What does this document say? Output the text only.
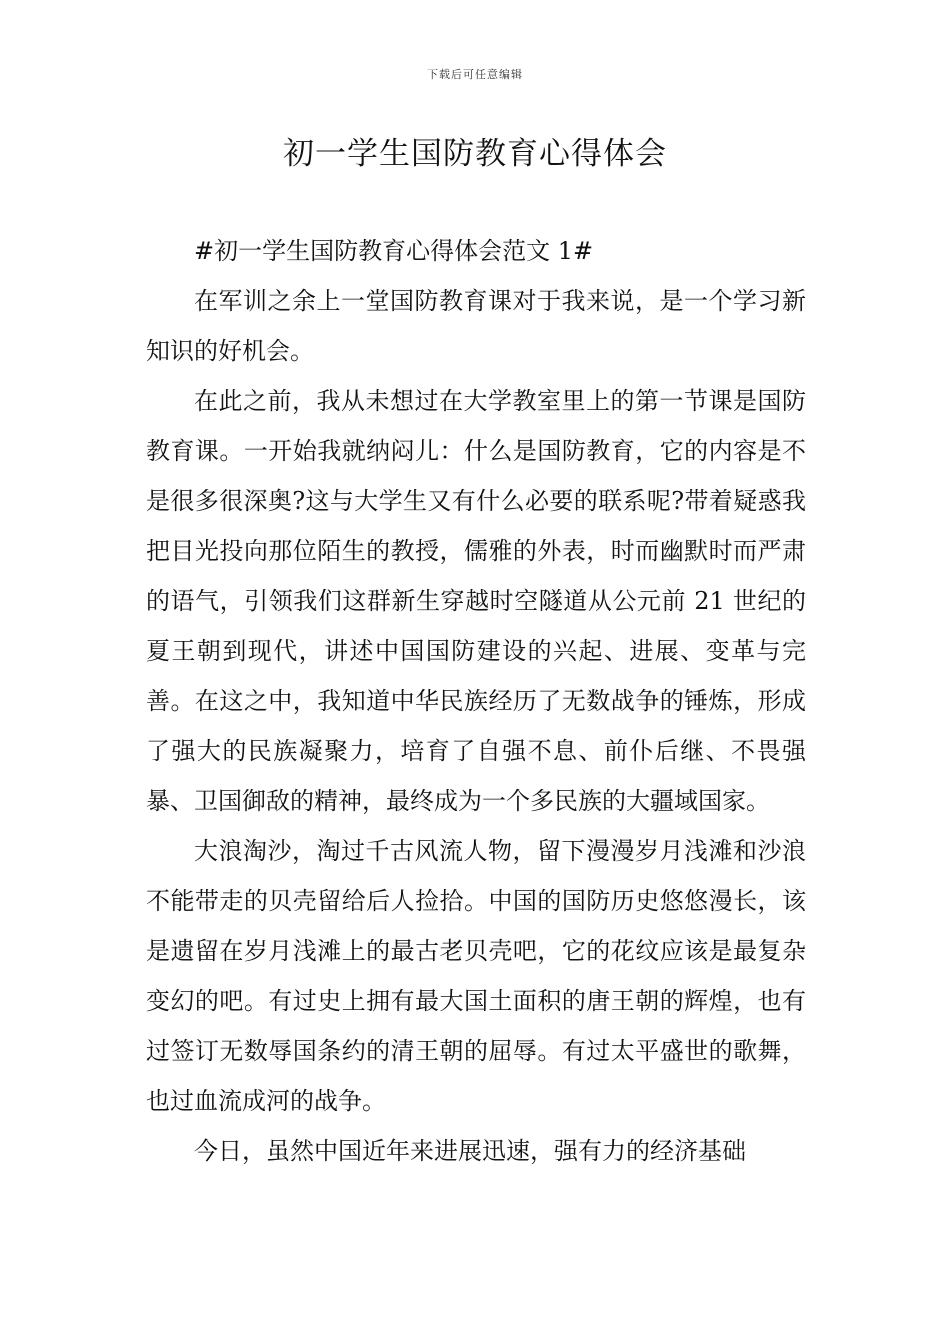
下载后可任意编辑
初一学生国防教育心得体会

#初一学生国防教育心得体会范文 1#

在军训之余上一堂国防教育课对于我来说，是一个学习新知识的好机会。

在此之前，我从未想过在大学教室里上的第一节课是国防教育课。一开始我就纳闷儿：什么是国防教育，它的内容是不是很多很深奥?这与大学生又有什么必要的联系呢?带着疑惑我把目光投向那位陌生的教授，儒雅的外表，时而幽默时而严肃的语气，引领我们这群新生穿越时空隧道从公元前 21 世纪的夏王朝到现代，讲述中国国防建设的兴起、进展、变革与完善。在这之中，我知道中华民族经历了无数战争的锤炼，形成了强大的民族凝聚力，培育了自强不息、前仆后继、不畏强暴、卫国御敌的精神，最终成为一个多民族的大疆域国家。

大浪淘沙，淘过千古风流人物，留下漫漫岁月浅滩和沙浪不能带走的贝壳留给后人捡拾。中国的国防历史悠悠漫长，该是遗留在岁月浅滩上的最古老贝壳吧，它的花纹应该是最复杂变幻的吧。有过史上拥有最大国土面积的唐王朝的辉煌，也有过签订无数辱国条约的清王朝的屈辱。有过太平盛世的歌舞，也过血流成河的战争。

今日，虽然中国近年来进展迅速，强有力的经济基础
